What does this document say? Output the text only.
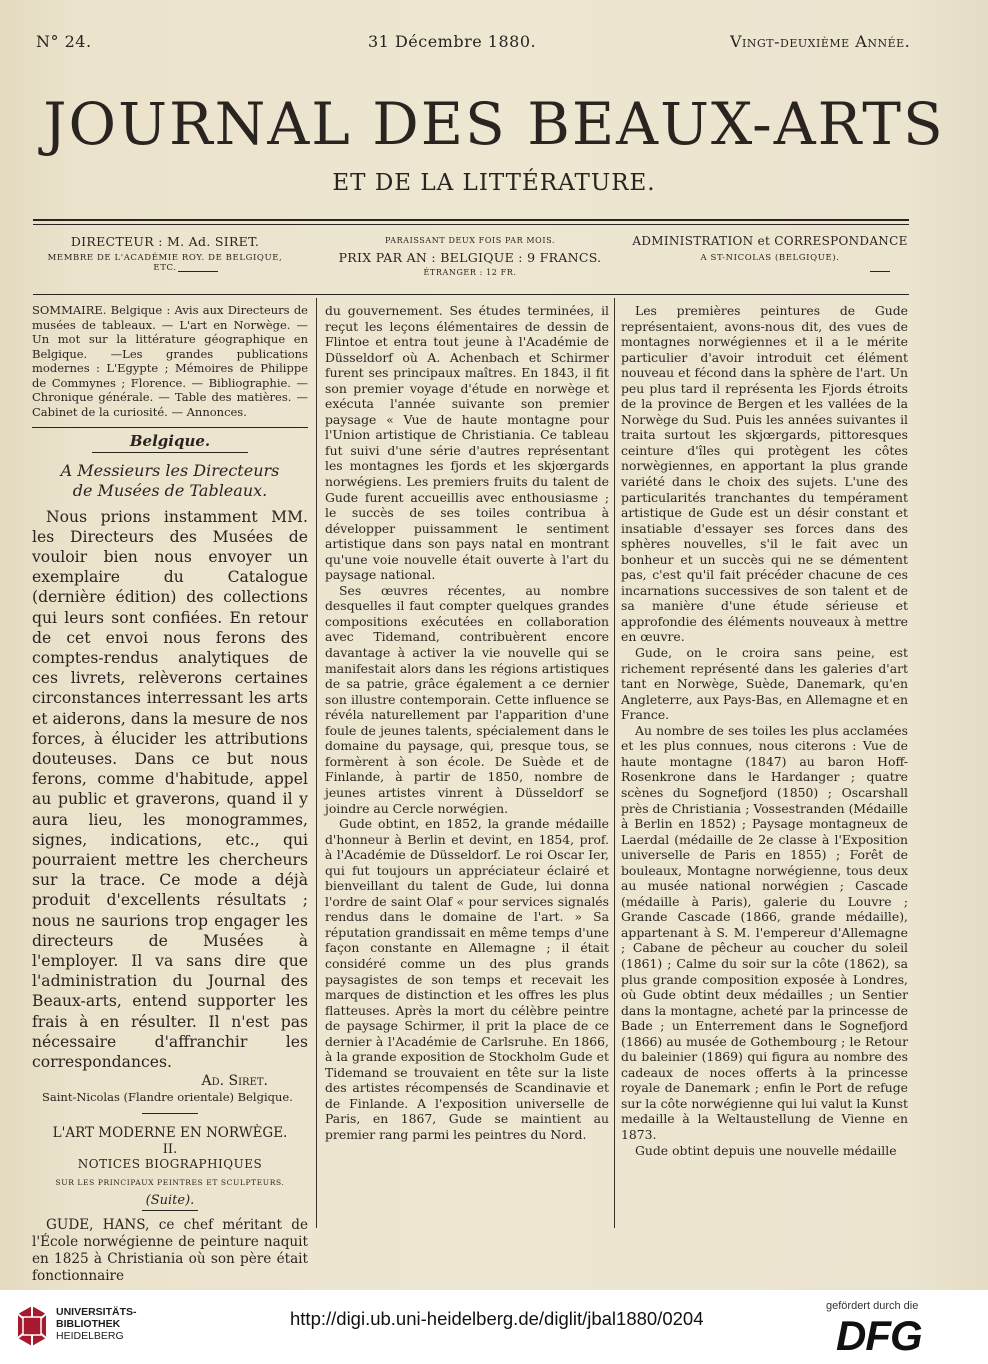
N° 24.	31 Décembre 1880.	Vingt-deuxième Année.
JOURNAL DES BEAUX-ARTS
ET DE LA LITTÉRATURE.
DIRECTEUR : M. Ad. SIRET.
MEMBRE DE L'ACADÉMIE ROY. DE BELGIQUE, ETC.
PARAISSANT DEUX FOIS PAR MOIS.
PRIX PAR AN : BELGIQUE : 9 FRANCS.
ÉTRANGER : 12 FR.
ADMINISTRATION et CORRESPONDANCE
A ST-NICOLAS (BELGIQUE).

SOMMAIRE. Belgique : Avis aux Directeurs de musées de tableaux. — L'art en Norwège. — Un mot sur la littérature géographique en Belgique. —Les grandes publications modernes : L'Egypte ; Mémoires de Philippe de Commynes ; Florence. — Bibliographie. — Chronique générale. — Table des matières. — Cabinet de la curiosité. — Annonces.

Belgique.
A Messieurs les Directeurs de Musées de Tableaux.

Nous prions instamment MM. les Directeurs des Musées de vouloir bien nous envoyer un exemplaire du Catalogue (dernière édition) des collections qui leurs sont confiées. En retour de cet envoi nous ferons des comptes-rendus analytiques de ces livrets, relèverons certaines circonstances interressant les arts et aiderons, dans la mesure de nos forces, à élucider les attributions douteuses. Dans ce but nous ferons, comme d'habitude, appel au public et graverons, quand il y aura lieu, les monogrammes, signes, indications, etc., qui pourraient mettre les chercheurs sur la trace. Ce mode a déjà produit d'excellents résultats ; nous ne saurions trop engager les directeurs de Musées à l'employer. Il va sans dire que l'administration du Journal des Beaux-arts, entend supporter les frais à en résulter. Il n'est pas nécessaire d'affranchir les correspondances.

Ad. Siret.
Saint-Nicolas (Flandre orientale) Belgique.
L'ART MODERNE EN NORWÈGE.
II.
NOTICES BIOGRAPHIQUES
SUR LES PRINCIPAUX PEINTRES ET SCULPTEURS.
(Suite).

GUDE, HANS, ce chef méritant de l'École norwégienne de peinture naquit en 1825 à Christiania où son père était fonctionnaire

du gouvernement. Ses études terminées, il reçut les leçons élémentaires de dessin de Flintoe et entra tout jeune à l'Académie de Düsseldorf où A. Achenbach et Schirmer furent ses principaux maîtres. En 1843, il fit son premier voyage d'étude en norwège et exécuta l'année suivante son premier paysage « Vue de haute montagne pour l'Union artistique de Christiania. Ce tableau fut suivi d'une série d'autres représentant les montagnes les fjords et les skjœrgards norwégiens. Les premiers fruits du talent de Gude furent accueillis avec enthousiasme ; le succès de ses toiles contribua à développer puissamment le sentiment artistique dans son pays natal en montrant qu'une voie nouvelle était ouverte à l'art du paysage national.

Ses œuvres récentes, au nombre desquelles il faut compter quelques grandes compositions exécutées en collaboration avec Tidemand, contribuèrent encore davantage à activer la vie nouvelle qui se manifestait alors dans les régions artistiques de sa patrie, grâce également a ce dernier son illustre contemporain. Cette influence se révéla naturellement par l'apparition d'une foule de jeunes talents, spécialement dans le domaine du paysage, qui, presque tous, se formèrent à son école. De Suède et de Finlande, à partir de 1850, nombre de jeunes artistes vinrent à Düsseldorf se joindre au Cercle norwégien.

Gude obtint, en 1852, la grande médaille d'honneur à Berlin et devint, en 1854, prof. à l'Académie de Düsseldorf. Le roi Oscar Ier, qui fut toujours un appréciateur éclairé et bienveillant du talent de Gude, lui donna l'ordre de saint Olaf « pour services signalés rendus dans le domaine de l'art. » Sa réputation grandissait en même temps d'une façon constante en Allemagne ; il était considéré comme un des plus grands paysagistes de son temps et recevait les marques de distinction et les offres les plus flatteuses. Après la mort du célèbre peintre de paysage Schirmer, il prit la place de ce dernier à l'Académie de Carlsruhe. En 1866, à la grande exposition de Stockholm Gude et Tidemand se trouvaient en tête sur la liste des artistes récompensés de Scandinavie et de Finlande. A l'exposition universelle de Paris, en 1867, Gude se maintient au premier rang parmi les peintres du Nord.

Les premières peintures de Gude représentaient, avons-nous dit, des vues de montagnes norwégiennes et il a le mérite particulier d'avoir introduit cet élément nouveau et fécond dans la sphère de l'art. Un peu plus tard il représenta les Fjords étroits de la province de Bergen et les vallées de la Norwège du Sud. Puis les années suivantes il traita surtout les skjœrgards, pittoresques ceinture d'îles qui protègent les côtes norwègiennes, en apportant la plus grande variété dans le choix des sujets. L'une des particularités tranchantes du tempérament artistique de Gude est un désir constant et insatiable d'essayer ses forces dans des sphères nouvelles, s'il le fait avec un bonheur et un succès qui ne se démentent pas, c'est qu'il fait précéder chacune de ces incarnations successives de son talent et de sa manière d'une étude sérieuse et approfondie des éléments nouveaux à mettre en œuvre.

Gude, on le croira sans peine, est richement représenté dans les galeries d'art tant en Norwège, Suède, Danemark, qu'en Angleterre, aux Pays-Bas, en Allemagne et en France.

Au nombre de ses toiles les plus acclamées et les plus connues, nous citerons : Vue de haute montagne (1847) au baron Hoff-Rosenkrone dans le Hardanger ; quatre scènes du Sognefjord (1850) ; Oscarshall près de Christiania ; Vossestranden (Médaille à Berlin en 1852) ; Paysage montagneux de Laerdal (médaille de 2e classe à l'Exposition universelle de Paris en 1855) ; Forêt de bouleaux, Montagne norwégienne, tous deux au musée national norwégien ; Cascade (médaille à Paris), galerie du Louvre ; Grande Cascade (1866, grande médaille), appartenant à S. M. l'empereur d'Allemagne ; Cabane de pêcheur au coucher du soleil (1861) ; Calme du soir sur la côte (1862), sa plus grande composition exposée à Londres, où Gude obtint deux médailles ; un Sentier dans la montagne, acheté par la princesse de Bade ; un Enterrement dans le Sognefjord (1866) au musée de Gothembourg ; le Retour du baleinier (1869) qui figura au nombre des cadeaux de noces offerts à la princesse royale de Danemark ; enfin le Port de refuge sur la côte norwégienne qui lui valut la Kunst medaille à la Weltaustellung de Vienne en 1873.

Gude obtint depuis une nouvelle médaille

UNIVERSITÄTS-
BIBLIOTHEK
HEIDELBERG
http://digi.ub.uni-heidelberg.de/diglit/jbal1880/0204
gefördert durch die
DFG
